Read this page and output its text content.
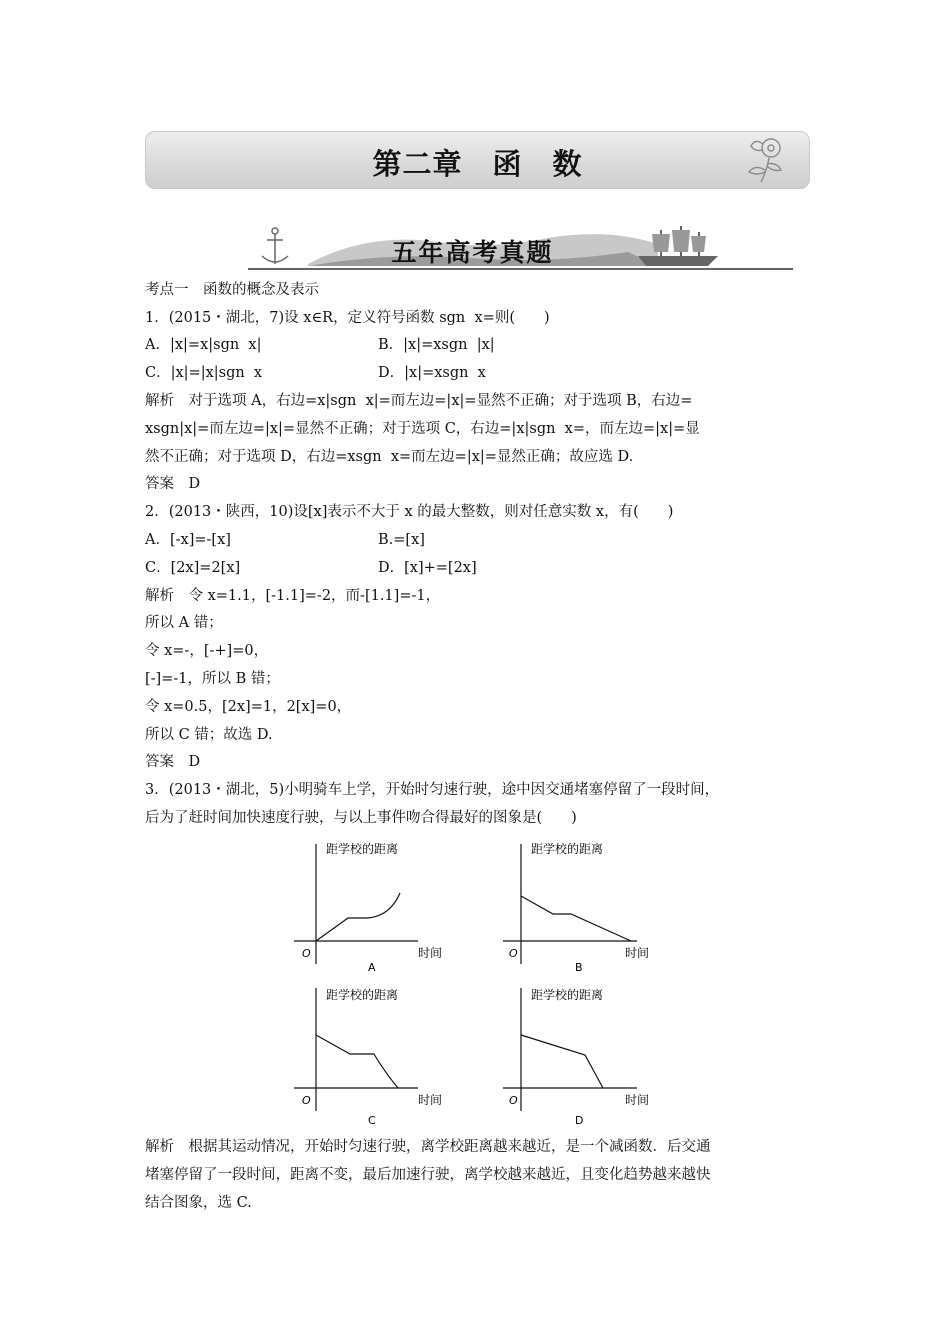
第二章　函　数
五年高考真题
考点一　函数的概念及表示
1．(2015・湖北，7)设 x∈R，定义符号函数 sgn  x=则(　　)
A．|x|=x|sgn  x|	B．|x|=xsgn  |x|
C．|x|=|x|sgn  x	D．|x|=xsgn  x
解析　对于选项 A，右边=x|sgn  x|=而左边=|x|=显然不正确；对于选项 B，右边=
xsgn|x|=而左边=|x|=显然不正确；对于选项 C，右边=|x|sgn  x=，而左边=|x|=显
然不正确；对于选项 D，右边=xsgn  x=而左边=|x|=显然正确；故应选 D.
答案　D
2．(2013・陕西，10)设[x]表示不大于 x 的最大整数，则对任意实数 x，有(　　)
A．[-x]=-[x]	B.=[x]
C．[2x]=2[x]	D．[x]+=[2x]
解析　令 x=1.1，[-1.1]=-2，而-[1.1]=-1，
所以 A 错；
令 x=-，[-+]=0，
[-]=-1，所以 B 错；
令 x=0.5，[2x]=1，2[x]=0，
所以 C 错；故选 D.
答案　D
3．(2013・湖北，5)小明骑车上学，开始时匀速行驶，途中因交通堵塞停留了一段时间，
后为了赶时间加快速度行驶，与以上事件吻合得最好的图象是(　　)
距学校的距离
时间
O
A
距学校的距离
时间
O
B
距学校的距离
时间
O
C
距学校的距离
时间
O
D
解析　根据其运动情况，开始时匀速行驶，离学校距离越来越近，是一个减函数．后交通
堵塞停留了一段时间，距离不变，最后加速行驶，离学校越来越近，且变化趋势越来越快
结合图象，选 C.
